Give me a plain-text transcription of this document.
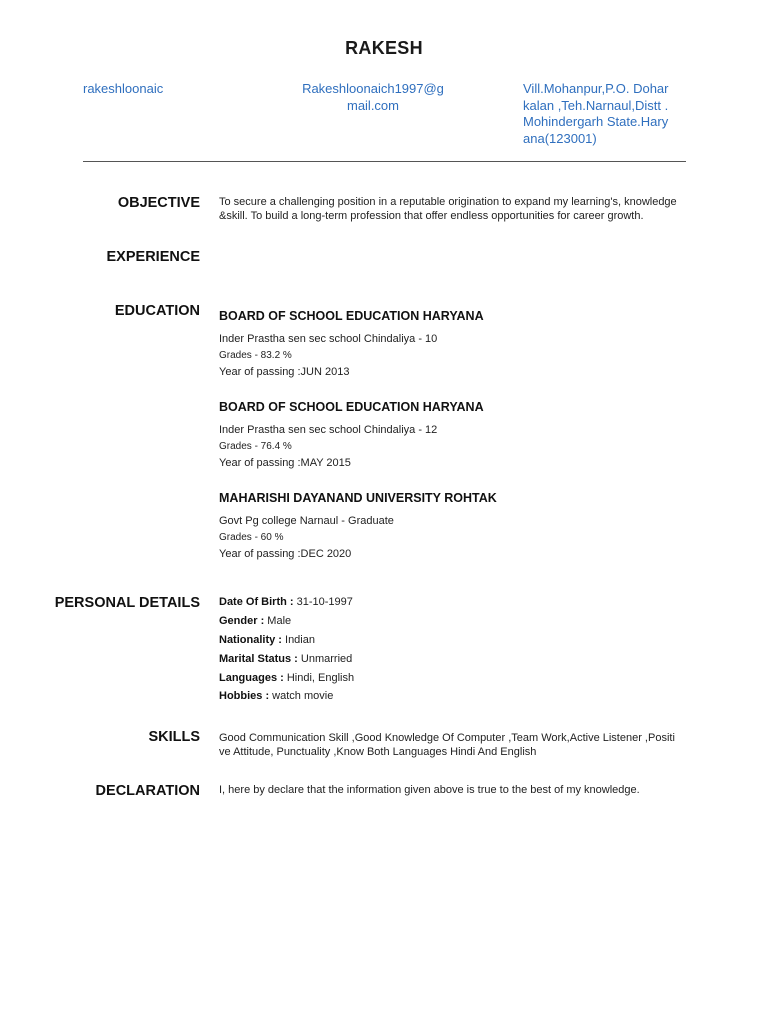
RAKESH
rakeshloonaic	Rakeshloonaich1997@g
mail.com
Vill.Mohanpur,P.O. Dohar
kalan ,Teh.Narnaul,Distt .
Mohindergarh State.Hary
ana(123001)
OBJECTIVE To secure a challenging position in a reputable origination to expand my learning's, knowledge
&skill. To build a long-term profession that offer endless opportunities for career growth.
EXPERIENCE
EDUCATION BOARD OF SCHOOL EDUCATION HARYANA
Inder Prastha sen sec school Chindaliya - 10
Grades - 83.2 %
Year of passing :JUN 2013
BOARD OF SCHOOL EDUCATION HARYANA
Inder Prastha sen sec school Chindaliya - 12
Grades - 76.4 %
Year of passing :MAY 2015
MAHARISHI DAYANAND UNIVERSITY ROHTAK
Govt Pg college Narnaul - Graduate
Grades - 60 %
Year of passing :DEC 2020
PERSONAL DETAILS Date Of Birth : 31-10-1997
Gender : Male
Nationality : Indian
Marital Status : Unmarried
Languages : Hindi, English
Hobbies : watch movie
SKILLS Good Communication Skill ,Good Knowledge Of Computer ,Team Work,Active Listener ,Positi
ve Attitude, Punctuality ,Know Both Languages Hindi And English
DECLARATION I, here by declare that the information given above is true to the best of my knowledge.
